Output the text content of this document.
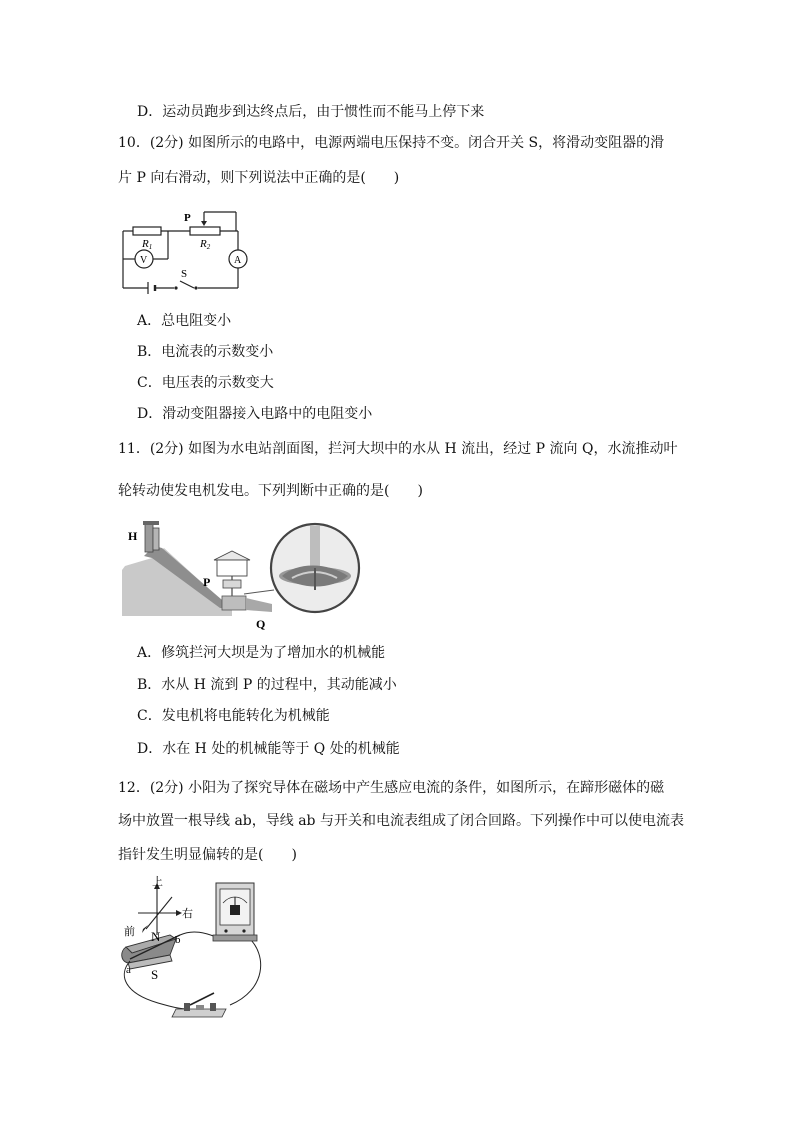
D．运动员跑步到达终点后，由于惯性而不能马上停下来
10．(2分) 如图所示的电路中，电源两端电压保持不变。闭合开关 S，将滑动变阻器的滑
片 P 向右滑动，则下列说法中正确的是(　　)
P
R1	R2
V	A
S
A．总电阻变小
B．电流表的示数变小
C．电压表的示数变大
D．滑动变阻器接入电路中的电阻变小
11．(2分) 如图为水电站剖面图，拦河大坝中的水从 H 流出，经过 P 流向 Q，水流推动叶
轮转动使发电机发电。下列判断中正确的是(　　)
H
P
Q
A．修筑拦河大坝是为了增加水的机械能
B．水从 H 流到 P 的过程中，其动能减小
C．发电机将电能转化为机械能
D．水在 H 处的机械能等于 Q 处的机械能
12．(2分) 小阳为了探究导体在磁场中产生感应电流的条件，如图所示，在蹄形磁体的磁
场中放置一根导线 ab，导线 ab 与开关和电流表组成了闭合回路。下列操作中可以使电流表
指针发生明显偏转的是(　　)
上
右
前 N
S
a
b
